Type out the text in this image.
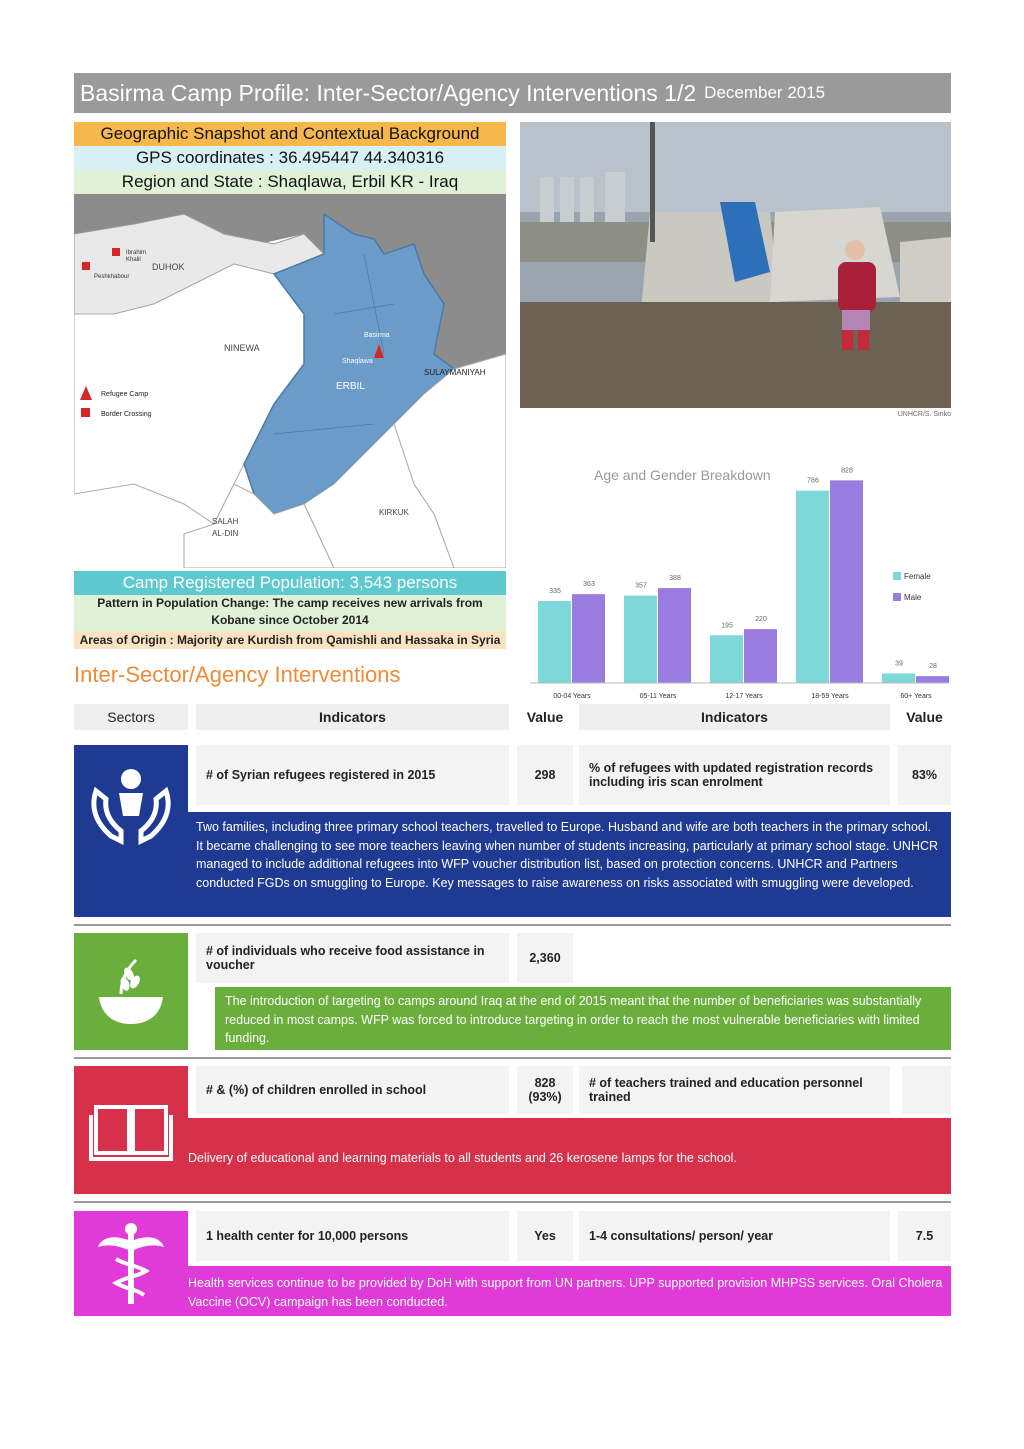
Basirma Camp Profile: Inter-Sector/Agency Interventions 1/2 December 2015
Geographic Snapshot and Contextual Background
GPS coordinates : 36.495447 44.340316
Region and State : Shaqlawa, Erbil KR - Iraq
Ibrahim
Khalil
Peshkhabour
DUHOK
NINEWA
ERBIL
SULAYMANIYAH
KIRKUK
SALAH
AL-DIN
Basirma
Shaqlawa
Refugee Camp
Border Crossing	UNHCR/S. Sinko
Age and Gender Breakdown
335
363
00-04 Years
357
388
05-11 Years
195
220
12-17 Years
786
828
18-59 Years
39	28
60+ Years
Female
Male
Camp Registered Population: 3,543 persons
Pattern in Population Change: The camp receives new arrivals from Kobane since October 2014
Areas of Origin : Majority are Kurdish from Qamishli and Hassaka in Syria
Inter-Sector/Agency Interventions
Sectors	Indicators	Value	Indicators	Value
# of Syrian refugees registered in 2015	298	% of refugees with updated registration records including iris scan enrolment	83%
Two families, including three primary school teachers, travelled to Europe. Husband and wife are both teachers in the primary school. It became challenging to see more teachers leaving when number of students increasing, particularly at primary school stage. UNHCR managed to include additional refugees into WFP voucher distribution list, based on protection concerns. UNHCR and Partners conducted FGDs on smuggling to Europe. Key messages to raise awareness on risks associated with smuggling were developed.
# of individuals who receive food assistance in voucher	2,360
The introduction of targeting to camps around Iraq at the end of 2015 meant that the number of beneficiaries was substantially reduced in most camps. WFP was forced to introduce targeting in order to reach the most vulnerable beneficiaries with limited funding.
# & (%) of children enrolled in school	828 (93%)
# of teachers trained and education personnel trained
Delivery of educational and learning materials to all students and 26 kerosene lamps for the school.
1 health center for 10,000 persons	Yes	1-4 consultations/ person/ year	7.5
Health services continue to be provided by DoH with support from UN partners. UPP supported provision MHPSS services. Oral Cholera Vaccine (OCV) campaign has been conducted.
